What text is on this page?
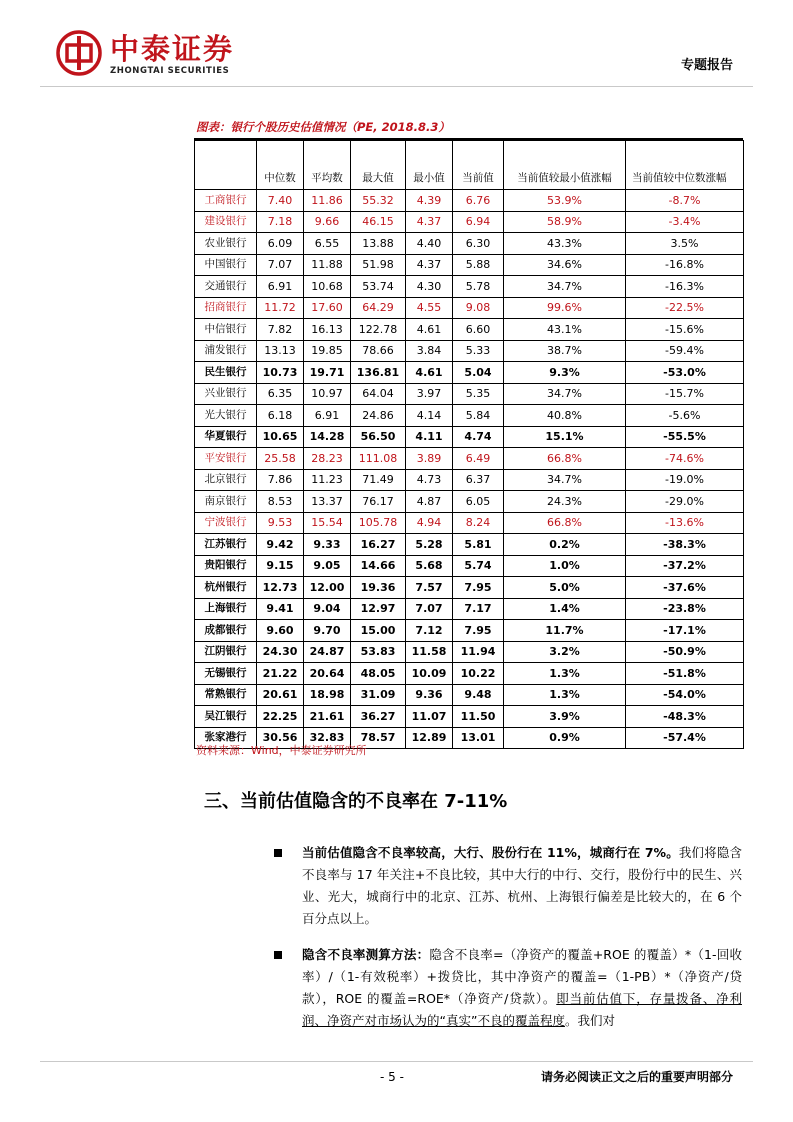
中泰证券
ZHONGTAI SECURITIES	专题报告
图表：银行个股历史估值情况（PE, 2018.8.3）
	中位数	平均数	最大值	最小值	当前值	当前值较最小值涨幅	当前值较中位数涨幅
工商银行	7.40	11.86	55.32	4.39	6.76	53.9%	-8.7%
建设银行	7.18	9.66	46.15	4.37	6.94	58.9%	-3.4%
农业银行	6.09	6.55	13.88	4.40	6.30	43.3%	3.5%
中国银行	7.07	11.88	51.98	4.37	5.88	34.6%	-16.8%
交通银行	6.91	10.68	53.74	4.30	5.78	34.7%	-16.3%
招商银行	11.72	17.60	64.29	4.55	9.08	99.6%	-22.5%
中信银行	7.82	16.13	122.78	4.61	6.60	43.1%	-15.6%
浦发银行	13.13	19.85	78.66	3.84	5.33	38.7%	-59.4%
民生银行	10.73	19.71	136.81	4.61	5.04	9.3%	-53.0%
兴业银行	6.35	10.97	64.04	3.97	5.35	34.7%	-15.7%
光大银行	6.18	6.91	24.86	4.14	5.84	40.8%	-5.6%
华夏银行	10.65	14.28	56.50	4.11	4.74	15.1%	-55.5%
平安银行	25.58	28.23	111.08	3.89	6.49	66.8%	-74.6%
北京银行	7.86	11.23	71.49	4.73	6.37	34.7%	-19.0%
南京银行	8.53	13.37	76.17	4.87	6.05	24.3%	-29.0%
宁波银行	9.53	15.54	105.78	4.94	8.24	66.8%	-13.6%
江苏银行	9.42	9.33	16.27	5.28	5.81	0.2%	-38.3%
贵阳银行	9.15	9.05	14.66	5.68	5.74	1.0%	-37.2%
杭州银行	12.73	12.00	19.36	7.57	7.95	5.0%	-37.6%
上海银行	9.41	9.04	12.97	7.07	7.17	1.4%	-23.8%
成都银行	9.60	9.70	15.00	7.12	7.95	11.7%	-17.1%
江阴银行	24.30	24.87	53.83	11.58	11.94	3.2%	-50.9%
无锡银行	21.22	20.64	48.05	10.09	10.22	1.3%	-51.8%
常熟银行	20.61	18.98	31.09	9.36	9.48	1.3%	-54.0%
吴江银行	22.25	21.61	36.27	11.07	11.50	3.9%	-48.3%
张家港行	30.56	32.83	78.57	12.89	13.01	0.9%	-57.4%
资料来源：Wind，中泰证券研究所
三、当前估值隐含的不良率在 7-11%
当前估值隐含不良率较高，大行、股份行在 11%，城商行在 7%。我们将隐含不良率与 17 年关注+不良比较，其中大行的中行、交行，股份行中的民生、兴业、光大，城商行中的北京、江苏、杭州、上海银行偏差是比较大的，在 6 个百分点以上。
隐含不良率测算方法：隐含不良率=（净资产的覆盖+ROE 的覆盖）*（1-回收率）/（1-有效税率）+拨贷比，其中净资产的覆盖=（1-PB）*（净资产/贷款），ROE 的覆盖=ROE*（净资产/贷款）。即当前估值下，存量拨备、净利润、净资产对市场认为的“真实”不良的覆盖程度。我们对
- 5 -	请务必阅读正文之后的重要声明部分
